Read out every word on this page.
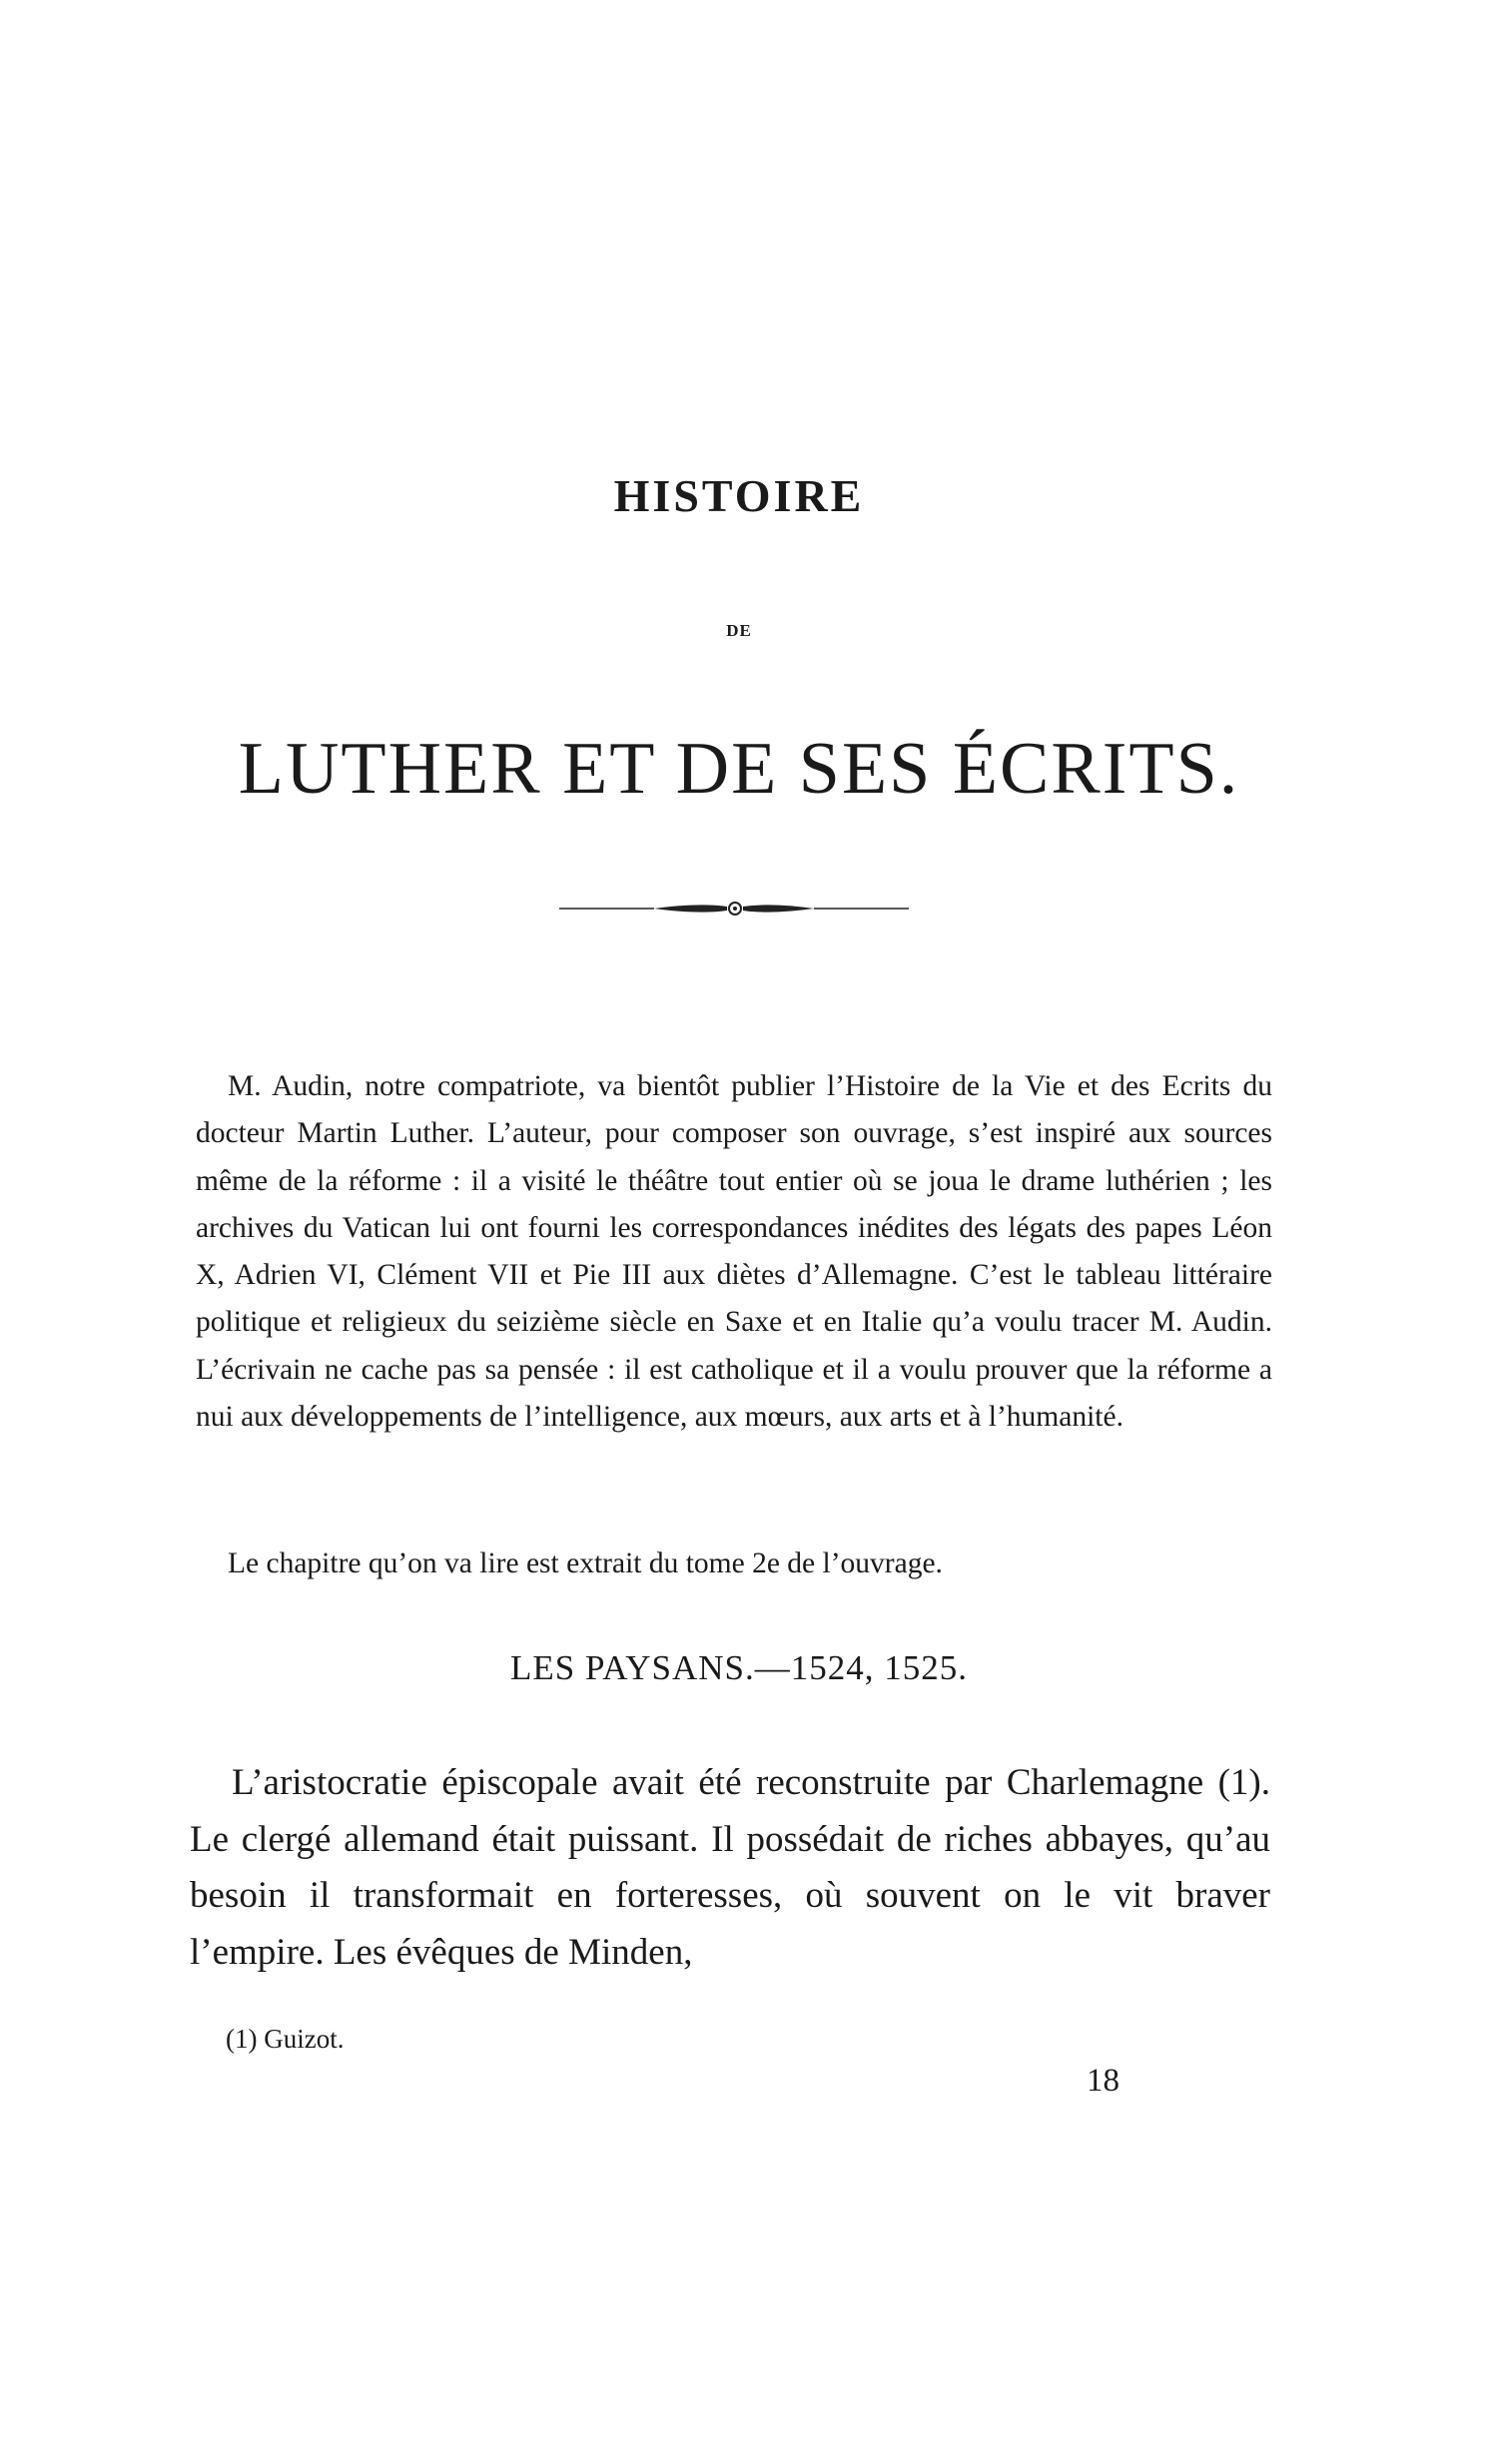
HISTOIRE
DE
LUTHER ET DE SES ÉCRITS.

M. Audin, notre compatriote, va bientôt publier l’Histoire de la Vie et des Ecrits du docteur Martin Luther. L’auteur, pour composer son ouvrage, s’est inspiré aux sources même de la réforme : il a visité le théâtre tout entier où se joua le drame luthérien ; les archives du Vatican lui ont fourni les correspondances inédites des légats des papes Léon X, Adrien VI, Clément VII et Pie III aux diètes d’Allemagne. C’est le tableau littéraire politique et religieux du seizième siècle en Saxe et en Italie qu’a voulu tracer M. Audin. L’écrivain ne cache pas sa pensée : il est catholique et il a voulu prouver que la réforme a nui aux développements de l’intelligence, aux mœurs, aux arts et à l’humanité.

Le chapitre qu’on va lire est extrait du tome 2e de l’ouvrage.

LES PAYSANS.—1524, 1525.

L’aristocratie épiscopale avait été reconstruite par Charlemagne (1). Le clergé allemand était puissant. Il possédait de riches abbayes, qu’au besoin il transformait en forteresses, où souvent on le vit braver l’empire. Les évêques de Minden,

(1) Guizot.

18
